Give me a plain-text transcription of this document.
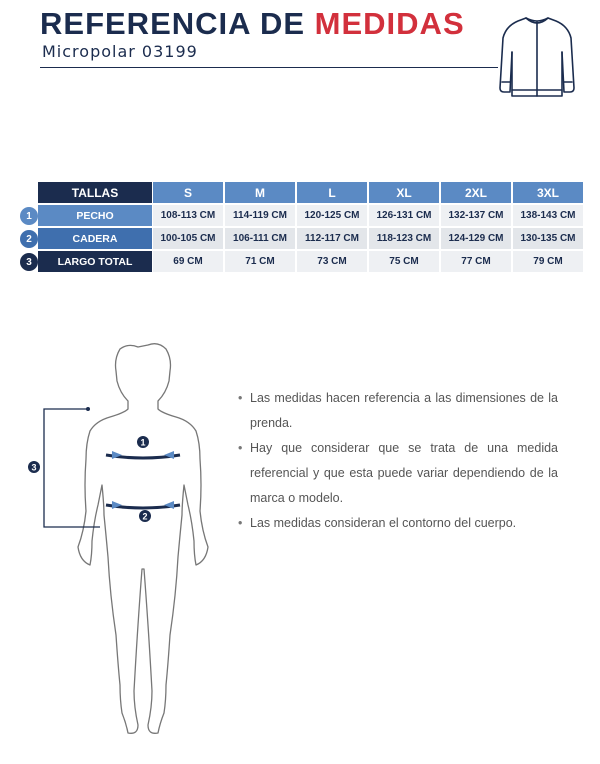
REFERENCIA DE MEDIDAS
Micropolar 03199
TALLAS	S	M	L	XL	2XL	3XL
1	PECHO	108-113 CM	114-119 CM	120-125 CM	126-131 CM	132-137 CM	138-143 CM
2	CADERA	100-105 CM	106-111 CM	112-117 CM	118-123 CM	124-129 CM	130-135 CM
3	LARGO TOTAL	69 CM	71 CM	73 CM	75 CM	77 CM	79 CM
1
2
3
• Las medidas hacen referencia a las dimensiones de la prenda.
• Hay que considerar que se trata de una medida referencial y que esta puede variar dependiendo de la marca o modelo.
• Las medidas consideran el contorno del cuerpo.
